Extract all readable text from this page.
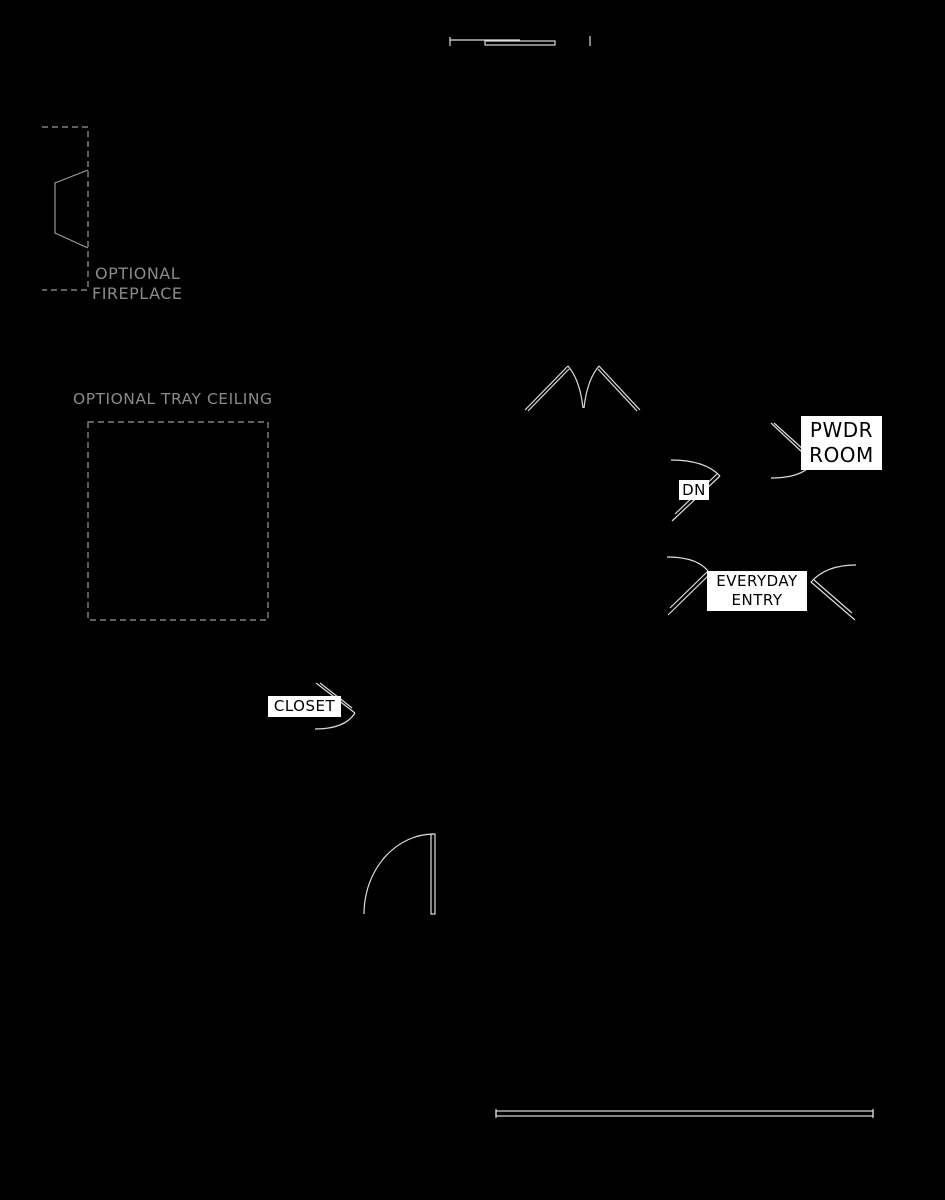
OPTIONAL
FIREPLACE
OPTIONAL TRAY CEILING
PWDR
ROOM
DN
EVERYDAY
ENTRY
CLOSET
